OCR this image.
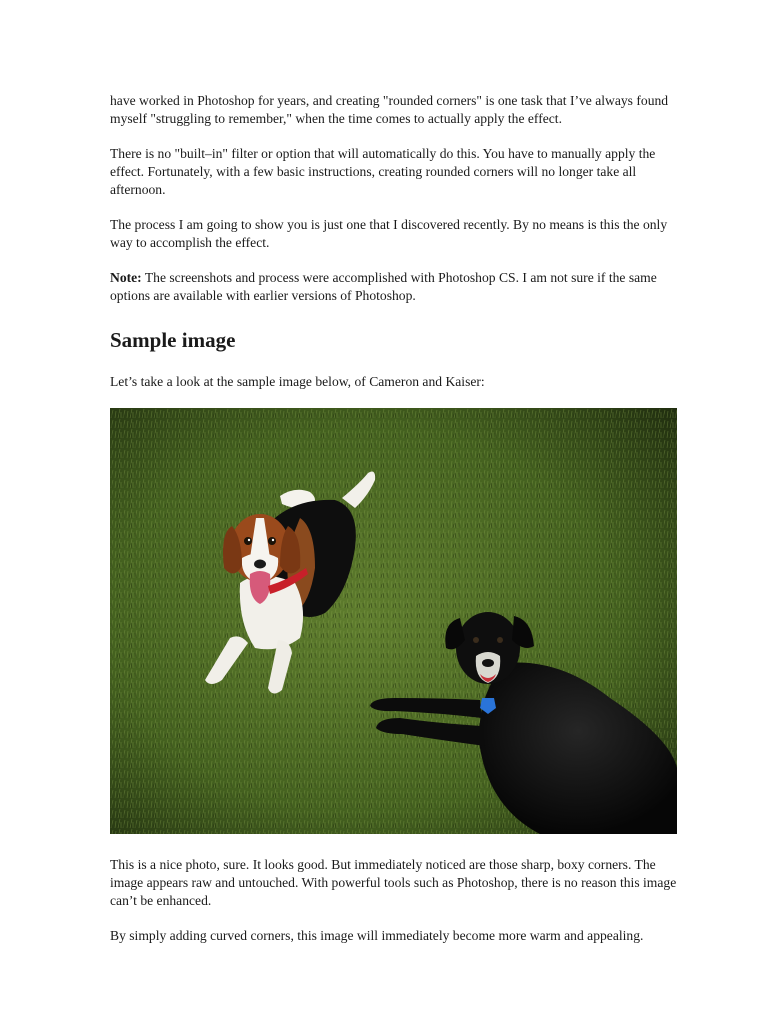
have worked in Photoshop for years, and creating "rounded corners" is one task that I’ve always found myself "struggling to remember," when the time comes to actually apply the effect.

There is no "built–in" filter or option that will automatically do this. You have to manually apply the effect. Fortunately, with a few basic instructions, creating rounded corners will no longer take all afternoon.

The process I am going to show you is just one that I discovered recently. By no means is this the only way to accomplish the effect.

Note: The screenshots and process were accomplished with Photoshop CS. I am not sure if the same options are available with earlier versions of Photoshop.

Sample image

Let’s take a look at the sample image below, of Cameron and Kaiser:

This is a nice photo, sure. It looks good. But immediately noticed are those sharp, boxy corners. The image appears raw and untouched. With powerful tools such as Photoshop, there is no reason this image can’t be enhanced.

By simply adding curved corners, this image will immediately become more warm and appealing.
